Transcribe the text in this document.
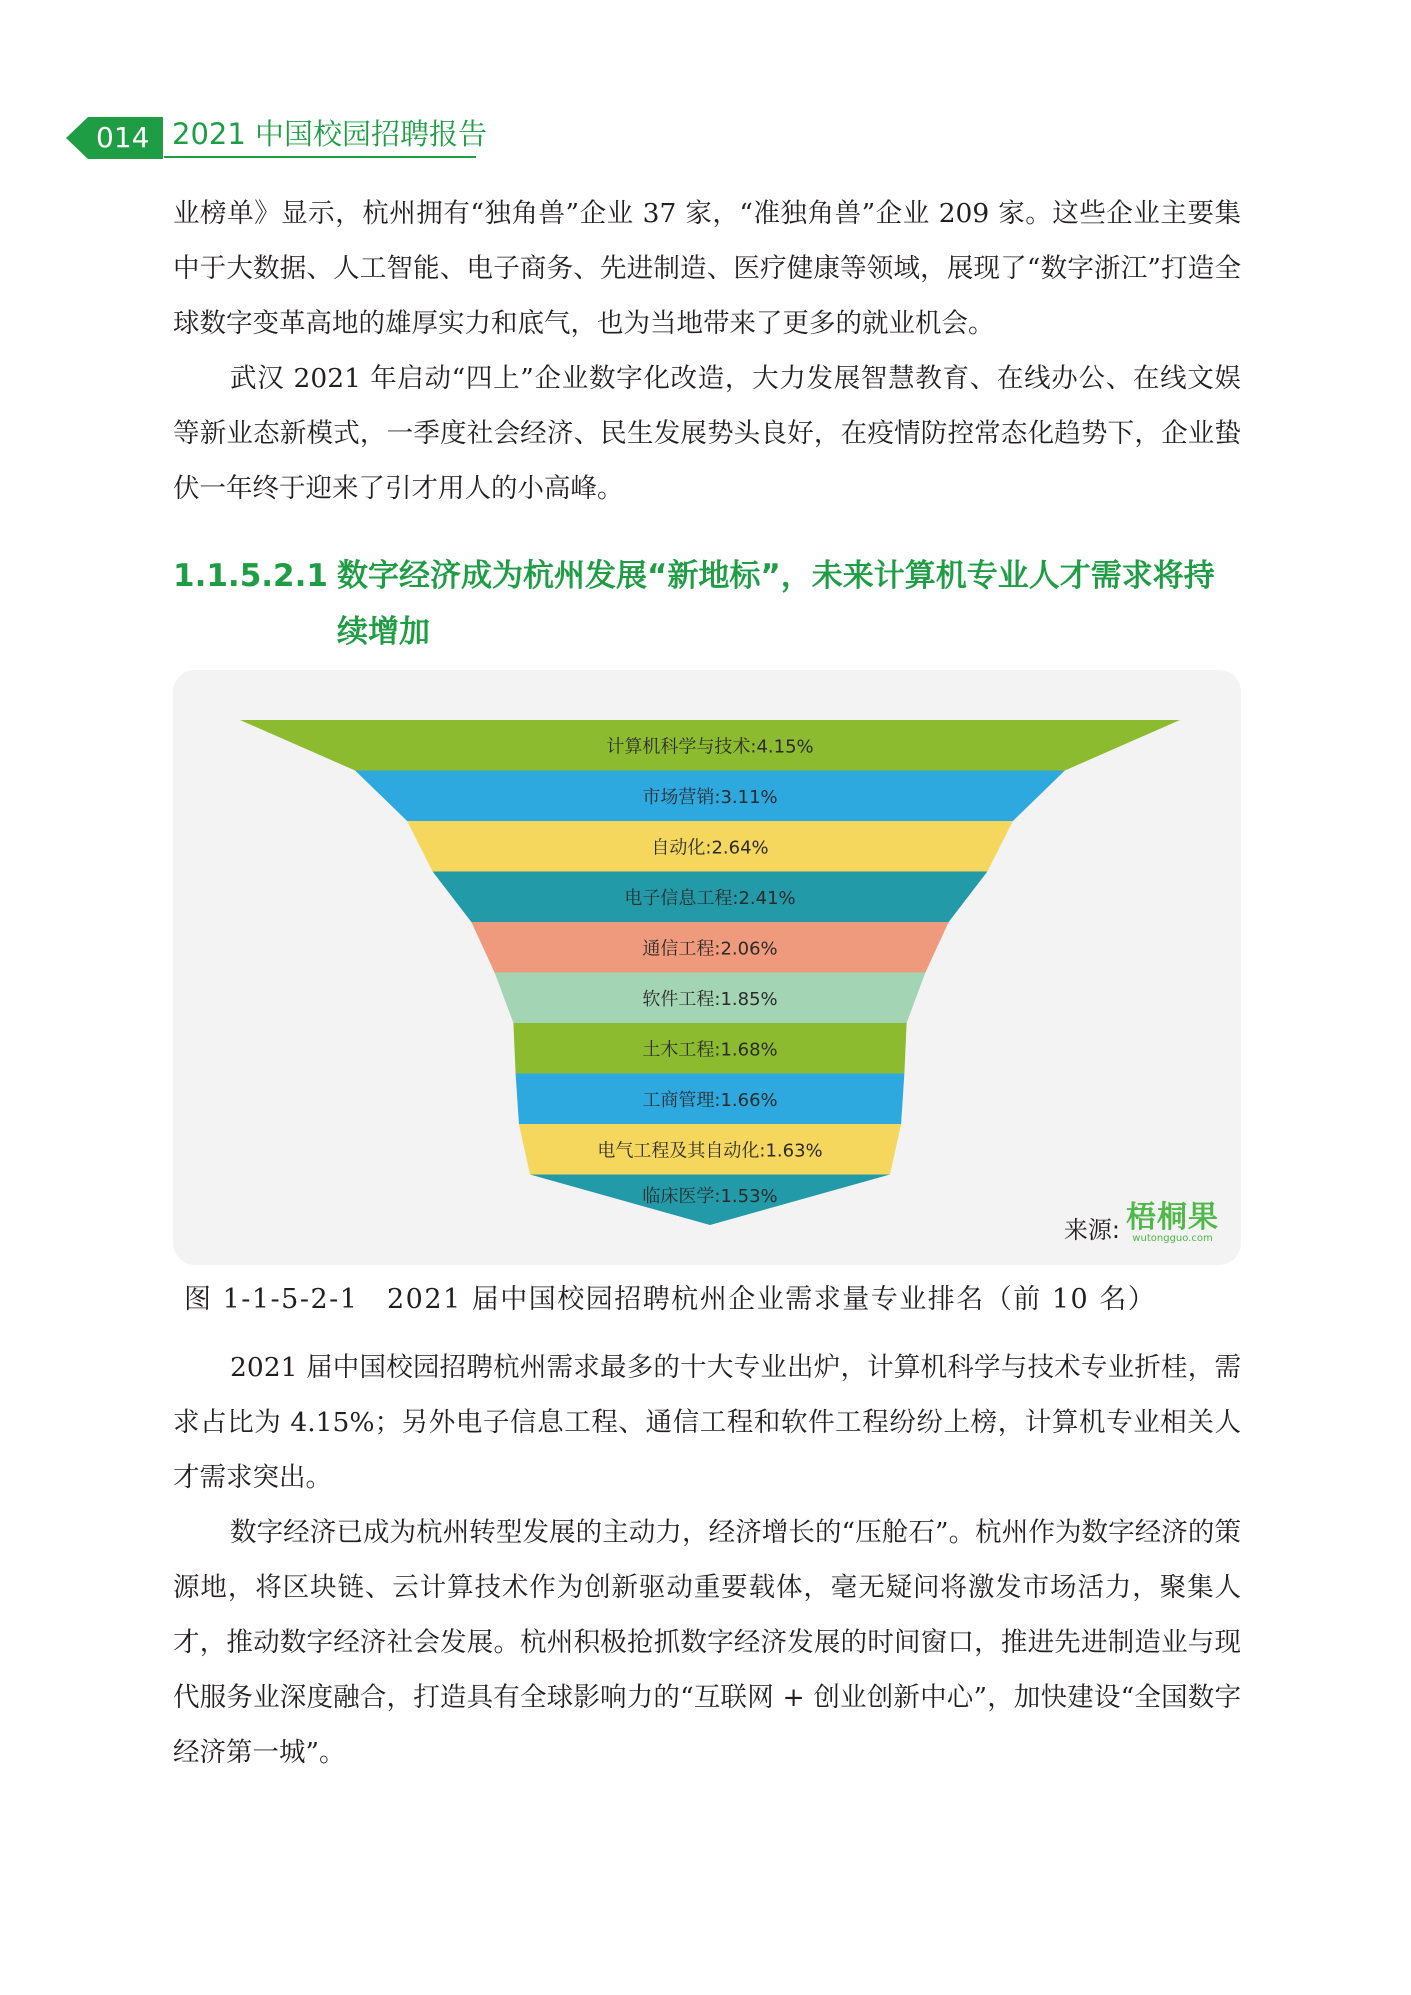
014 2021 中国校园招聘报告

业榜单》显示，杭州拥有“独角兽”企业 37 家，“准独角兽”企业 209 家。这些企业主要集中于大数据、人工智能、电子商务、先进制造、医疗健康等领域，展现了“数字浙江”打造全球数字变革高地的雄厚实力和底气，也为当地带来了更多的就业机会。

武汉 2021 年启动“四上”企业数字化改造，大力发展智慧教育、在线办公、在线文娱等新业态新模式，一季度社会经济、民生发展势头良好，在疫情防控常态化趋势下，企业蛰伏一年终于迎来了引才用人的小高峰。

1.1.5.2.1 数字经济成为杭州发展“新地标”，未来计算机专业人才需求将持续增加

计算机科学与技术:4.15%
市场营销:3.11%
自动化:2.64%
电子信息工程:2.41%
通信工程:2.06%
软件工程:1.85%
土木工程:1.68%
工商管理:1.66%
电气工程及其自动化:1.63%
临床医学:1.53%
来源: 梧桐果
wutongguo.com

图 1-1-5-2-1　2021 届中国校园招聘杭州企业需求量专业排名（前 10 名）

2021 届中国校园招聘杭州需求最多的十大专业出炉，计算机科学与技术专业折桂，需求占比为 4.15%；另外电子信息工程、通信工程和软件工程纷纷上榜，计算机专业相关人才需求突出。

数字经济已成为杭州转型发展的主动力，经济增长的“压舱石”。杭州作为数字经济的策源地，将区块链、云计算技术作为创新驱动重要载体，毫无疑问将激发市场活力，聚集人才，推动数字经济社会发展。杭州积极抢抓数字经济发展的时间窗口，推进先进制造业与现代服务业深度融合，打造具有全球影响力的“互联网 + 创业创新中心”，加快建设“全国数字经济第一城”。
